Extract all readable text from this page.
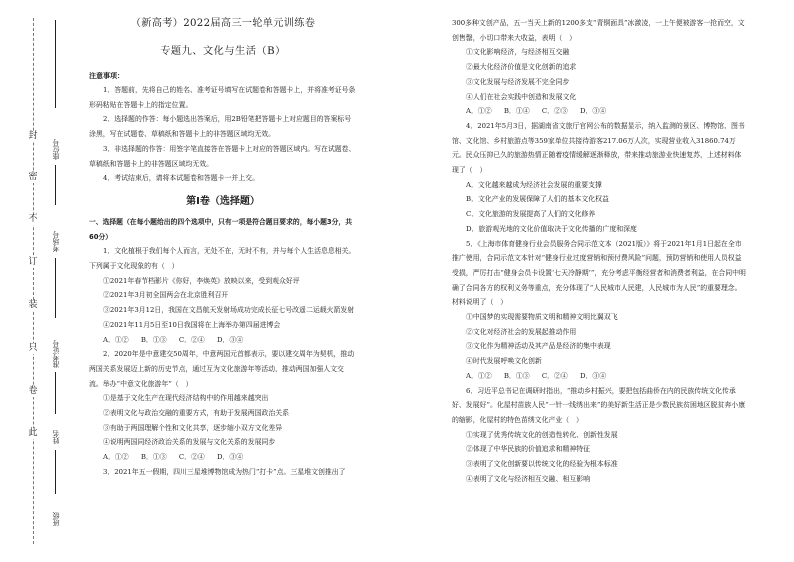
封
密
不
订
装
只
卷
此
座位号
考场号
准考证号
姓名
班级
（新高考）2022届高三一轮单元训练卷
专题九、文化与生活（B）
注意事项：

1．答题前，先将自己的姓名、准考证号填写在试题卷和答题卡上，并将准考证号条形码粘贴在答题卡上的指定位置。

2．选择题的作答：每小题选出答案后，用2B铅笔把答题卡上对应题目的答案标号涂黑，写在试题卷、草稿纸和答题卡上的非答题区域均无效。

3．非选择题的作答：用签字笔直接答在答题卡上对应的答题区域内。写在试题卷、草稿纸和答题卡上的非答题区域均无效。

4．考试结束后，请将本试题卷和答题卡一并上交。

第Ⅰ卷（选择题）

一、选择题（在每小题给出的四个选项中，只有一项是符合题目要求的，每小题3分，共60分）

1．文化植根于我们每个人而言，无处不在，无时不有，并与每个人生活息息相关。下列属于文化现象的有（　）

①2021年春节档影片《你好，李焕英》放映以来，受到观众好评

②2021年3月初全国两会在北京胜利召开

③2021年3月12日，我国在文昌航天发射场成功完成长征七号改遥二运载火箭发射

④2021年11月5日至10日我国将在上海举办第四届进博会

A．①② B．①③ C．②④ D．③④

2．2020年是中意建交50周年，中意两国元首都表示，要以建交周年为契机，推动两国关系发展迈上新的历史节点，通过互为文化旅游年等活动，推动两国加强人文交流。举办“中意文化旅游年”（　）

①是基于文化生产在现代经济结构中的作用越来越突出

②表明文化与政治交融的重要方式，有助于发展两国政治关系

③有助于两国理解个性和文化共享，逐步缩小双方文化差异

④说明两国同经济政治关系的发展与文化关系的发展同步

A．①② B．①③ C．②④ D．③④

3．2021年五一假期，四川三星堆博物馆成为热门“打卡”点。三星堆文创推出了

300多种文创产品，五一当天上新的1200多支“青铜面具”冰激凌，一上午便被游客一抢而空，文创售罄，小切口带来大收益，表明（　）

①文化影响经济，与经济相互交融

②最大化经济价值是文化创新的追求

③文化发展与经济发展不完全同步

④人们在社会实践中创造和发展文化

A．①② B．①④ C．②③ D．③④

4．2021年5月3日，据湖南省文旅厅官网公布的数据显示，纳入监测的景区、博物馆、图书馆、文化馆、乡村旅游点等359家单位共接待游客217.06万人次，实现营业收入31860.74万元。民众压抑已久的旅游热情正随着疫情缓解逐渐释放，带来推动旅游业快速复苏，上述材料体现了（　）

A．文化越来越成为经济社会发展的重要支撑

B．文化产业的发展保障了人们的基本文化权益

C．文化旅游的发展提高了人们的文化修养

D．旅游观光地的文化价值取决于文化传播的广度和深度

5．《上海市体育健身行业会员服务合同示范文本（2021版）》将于2021年1月1日起在全市推广使用，合同示范文本针对“健身行业过度营销和预付费风险”问题，预防营销和使用人员权益受损，严厉打击“健身会员卡设置‘七天冷静期’”，充分考虑平衡经营者和消费者利益，在合同中明确了合同各方的权利义务等重点，充分体现了“人民城市人民建，人民城市为人民”的重要理念。材料说明了（　）

①中国梦的实现需要物质文明和精神文明比翼双飞

②文化对经济社会的发展起推动作用

③文化作为精神活动及其产品是经济的集中表现

④时代发展呼唤文化创新

A．①② B．①③ C．②④ D．③④

6．习近平总书记在调研时指出，“推动乡村振兴，要把包括曲侨在内的民族传统文化传承好、发展好”。化屋村苗族人民“一针一线绣出来”的美好新生活正是少数民族贫困地区脱贫奔小康的缩影，化屋村的特色苗绣文化产业（　）

①实现了优秀传统文化的创造性转化、创新性发展

②体现了中华民族的价值追求和精神特征

③表明了文化创新要以传统文化的经验为根本标准

④表明了文化与经济相互交融、相互影响
